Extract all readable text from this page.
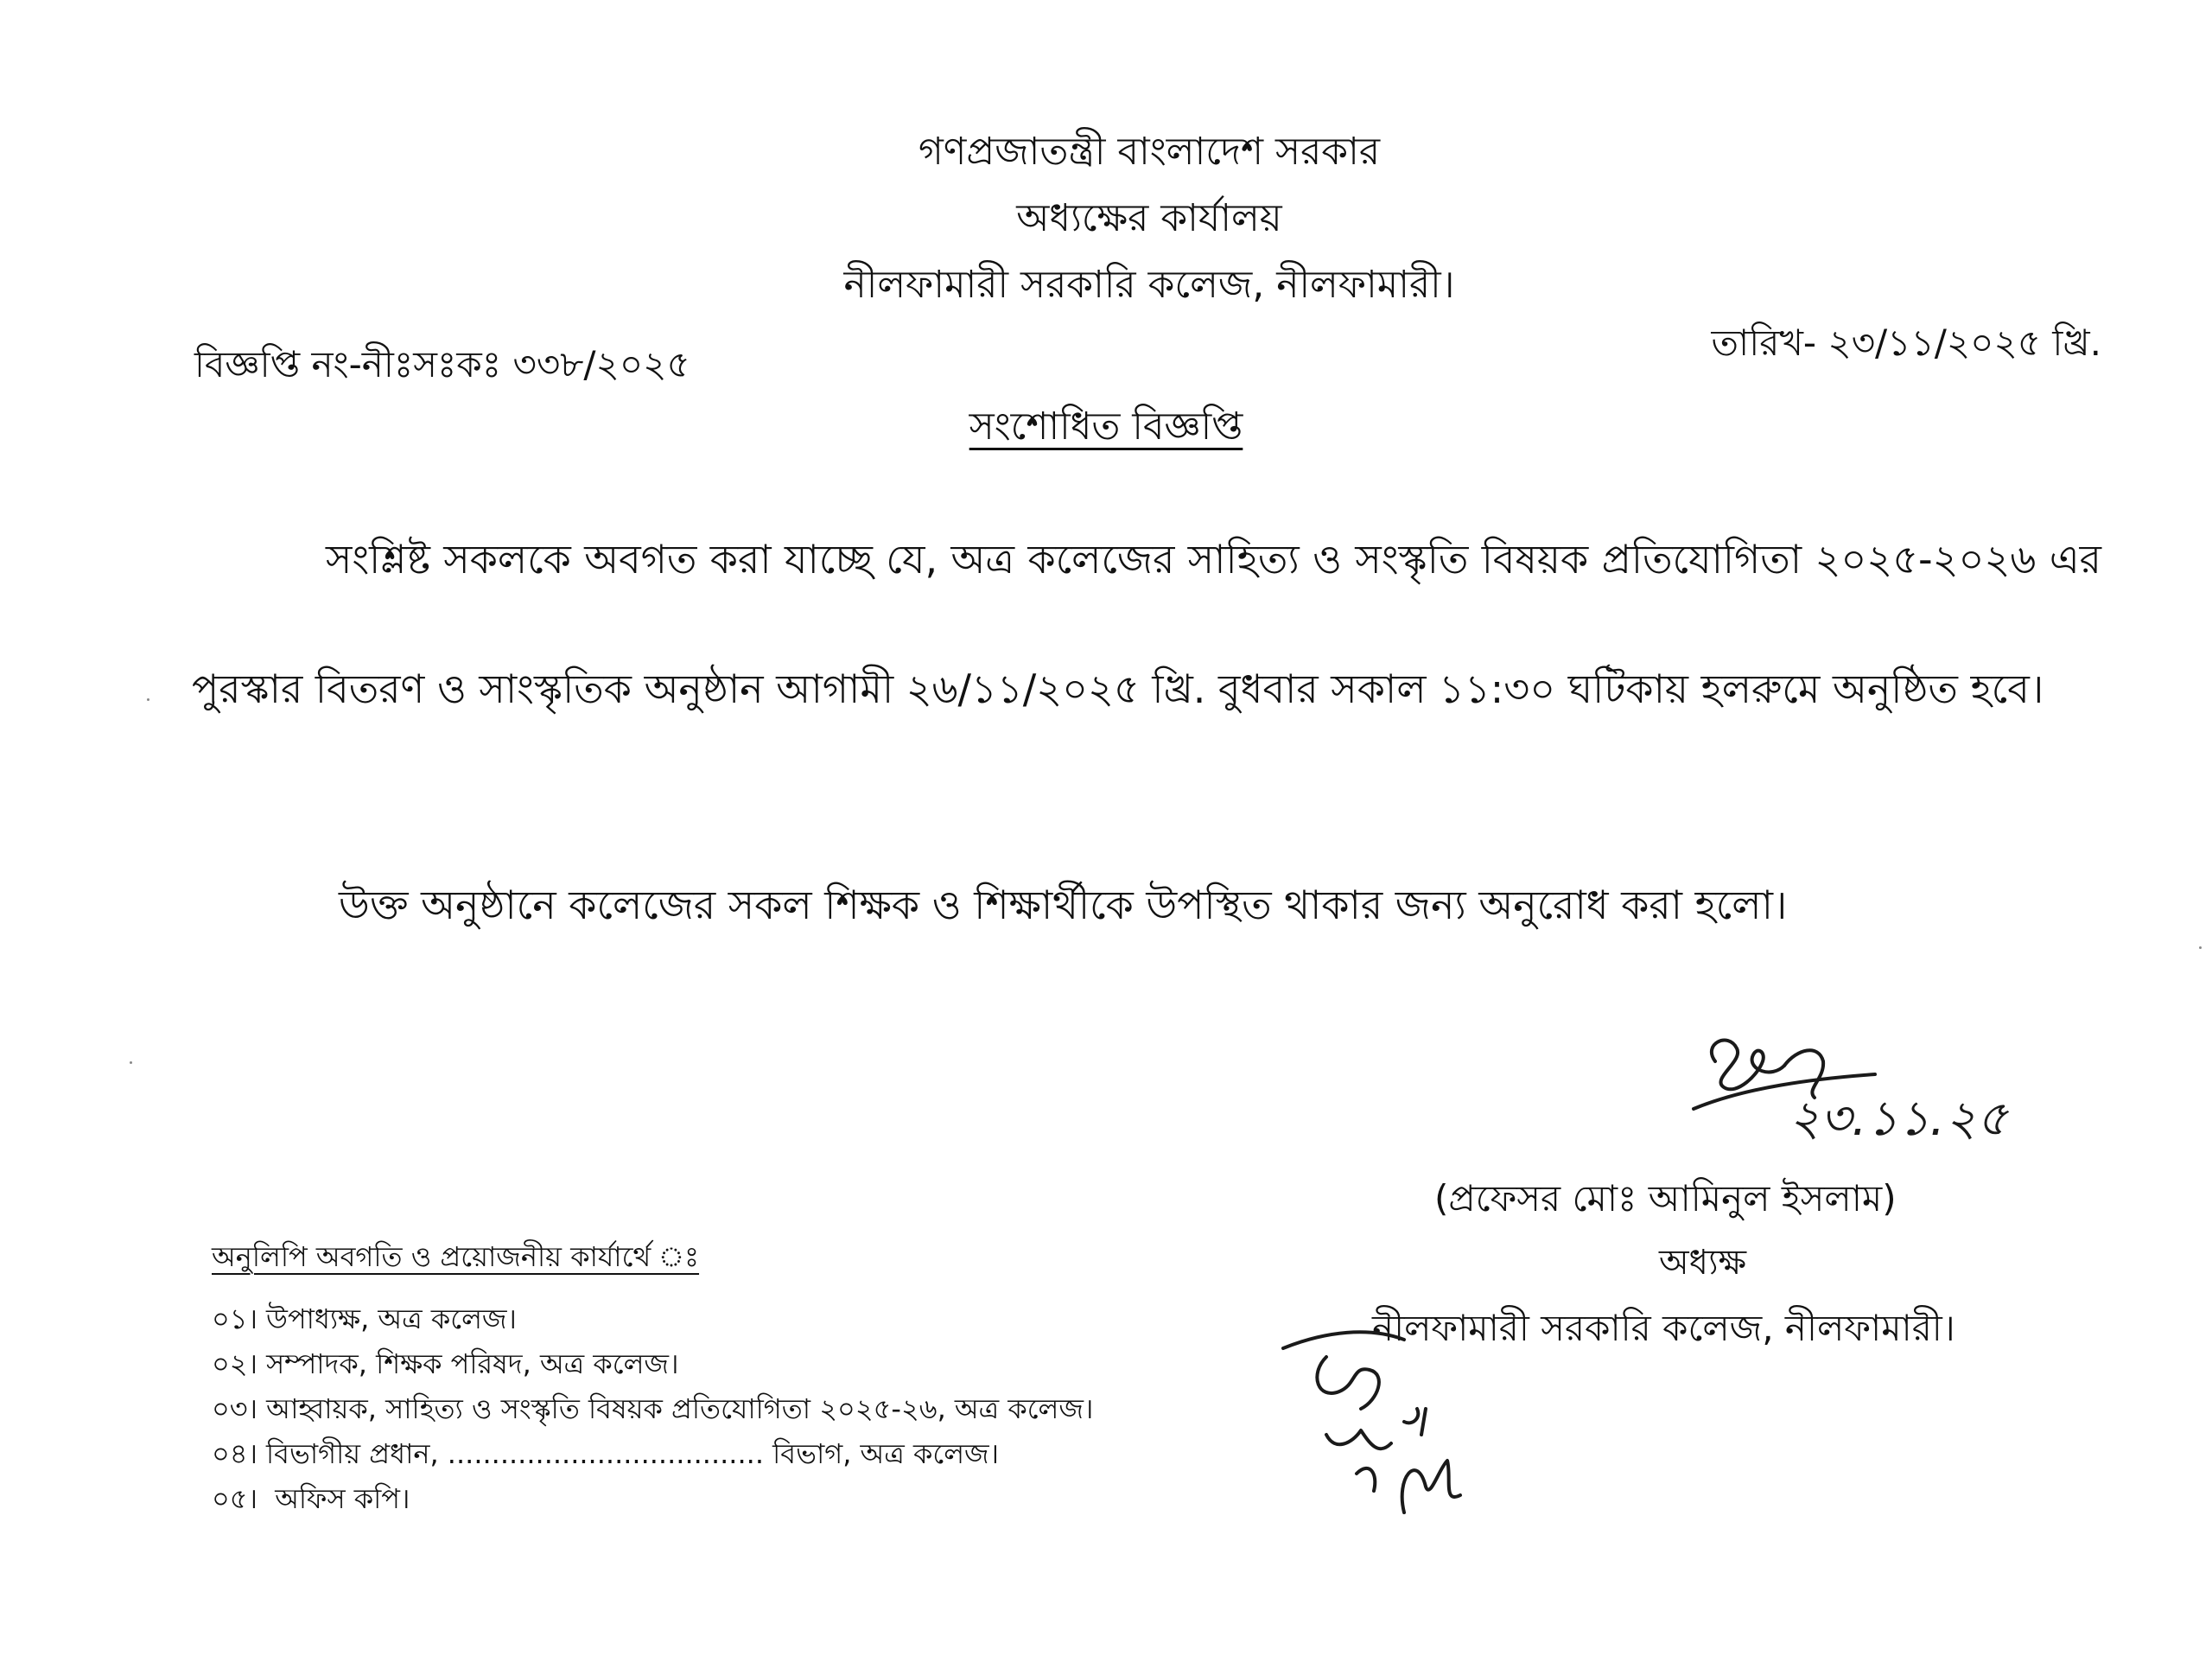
গণপ্রজাতন্ত্রী বাংলাদেশ সরকার
অধ্যক্ষের কার্যালয়
নীলফামারী সরকারি কলেজ, নীলফামারী।
বিজ্ঞপ্তি নং-নীঃসঃকঃ ৩৩৮/২০২৫
তারিখ- ২৩/১১/২০২৫ খ্রি.
সংশোধিত বিজ্ঞপ্তি
সংশ্লিষ্ট সকলকে অবগত করা যাচ্ছে যে, অত্র কলেজের সাহিত্য ও সংস্কৃতি বিষয়ক প্রতিযোগিতা ২০২৫-২০২৬ এর পুরস্কার বিতরণ ও সাংস্কৃতিক অনুষ্ঠান আগামী ২৬/১১/২০২৫ খ্রি. বুধবার সকাল ১১:৩০ ঘটিকায় হলরুমে অনুষ্ঠিত হবে।
উক্ত অনুষ্ঠানে কলেজের সকল শিক্ষক ও শিক্ষার্থীকে উপস্থিত থাকার জন্য অনুরোধ করা হলো।
২৩.১১.২৫
(প্রফেসর মোঃ আমিনুল ইসলাম)
অধ্যক্ষ
নীলফামারী সরকারি কলেজ, নীলফামারী।
অনুলিপি অবগতি ও প্রয়োজনীয় কার্যার্থে ঃ
০১। উপাধ্যক্ষ, অত্র কলেজ।
০২। সম্পাদক, শিক্ষক পরিষদ, অত্র কলেজ।
০৩। আহ্বায়ক, সাহিত্য ও সংস্কৃতি বিষয়ক প্রতিযোগিতা ২০২৫-২৬, অত্র কলেজ।
০৪। বিভাগীয় প্রধান, .................................... বিভাগ, অত্র কলেজ।
০৫। অফিস কপি।
